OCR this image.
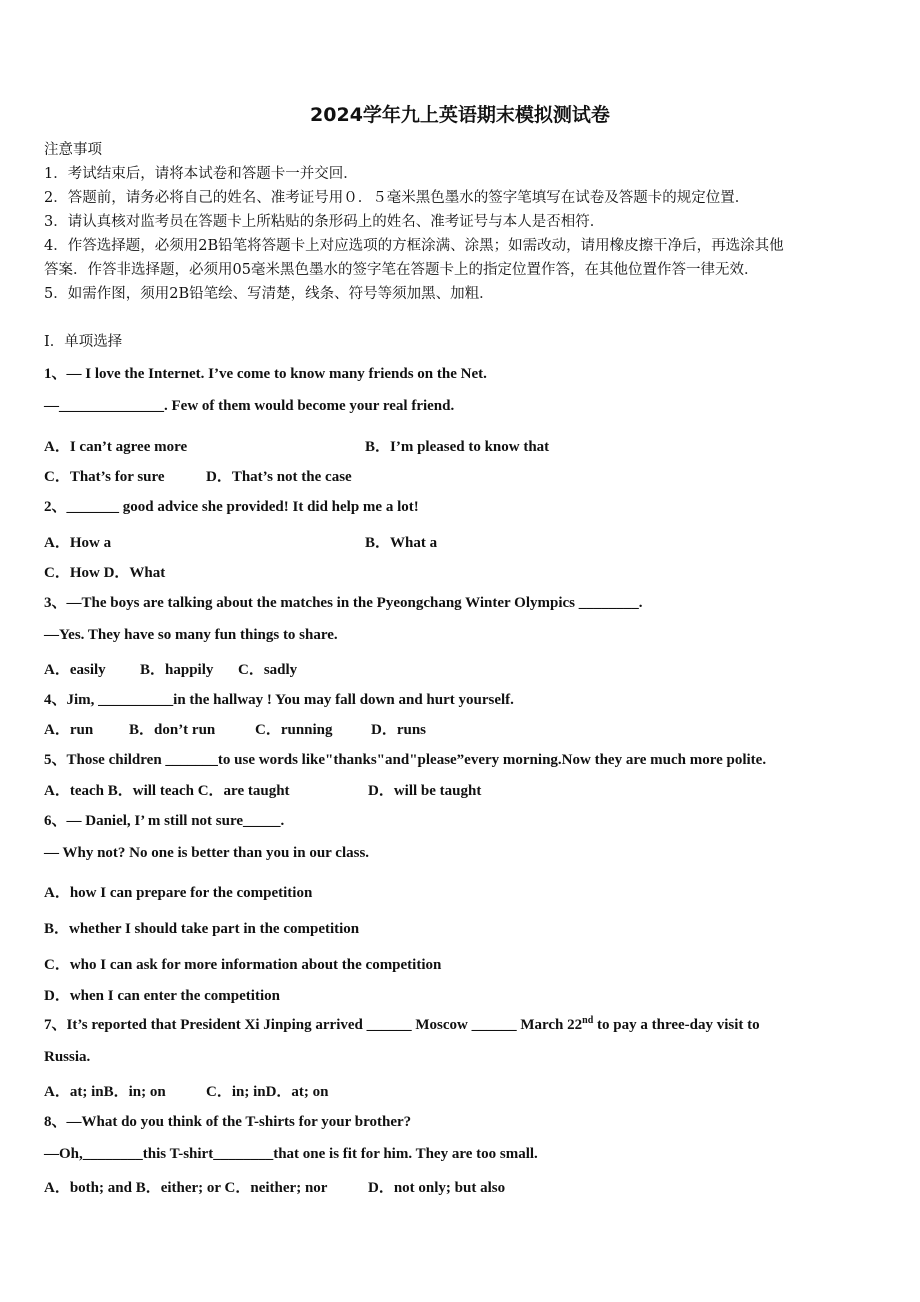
2024学年九上英语期末模拟测试卷
注意事项
1．考试结束后，请将本试卷和答题卡一并交回．
2．答题前，请务必将自己的姓名、准考证号用０．５毫米黑色墨水的签字笔填写在试卷及答题卡的规定位置．
3．请认真核对监考员在答题卡上所粘贴的条形码上的姓名、准考证号与本人是否相符．
4．作答选择题，必须用2B铅笔将答题卡上对应选项的方框涂满、涂黑；如需改动，请用橡皮擦干净后，再选涂其他
答案．作答非选择题，必须用05毫米黑色墨水的签字笔在答题卡上的指定位置作答，在其他位置作答一律无效．
5．如需作图，须用2B铅笔绘、写清楚，线条、符号等须加黑、加粗．
Ⅰ．单项选择
1、— I love the Internet. I’ve come to know many friends on the Net.
—______________. Few of them would become your real friend.
A．I can’t agree more	B．I’m pleased to know that
C．That’s for sure	D．That’s not the case
2、_______ good advice she provided! It did help me a lot!
A．How a	B．What a
C．How D．What
3、—The boys are talking about the matches in the Pyeongchang Winter Olympics ________.
—Yes. They have so many fun things to share.
A．easily B．happily C．sadly
4、Jim, __________in the hallway ! You may fall down and hurt yourself.
A．run B．don’t run	C．running	D．runs
5、Those children _______to use words like"thanks"and"please”every morning.Now they are much more polite.
A．teach B．will teach C．are taught	D．will be taught
6、— Daniel, I’ m still not sure_____.
— Why not? No one is better than you in our class.
A．how I can prepare for the competition
B．whether I should take part in the competition
C．who I can ask for more information about the competition
D．when I can enter the competition
7、It’s reported that President Xi Jinping arrived ______ Moscow ______ March 22nd to pay a three-day visit to
Russia.
A．at; inB．in; on	C．in; inD．at; on
8、—What do you think of the T-shirts for your brother?
—Oh,________this T-shirt________that one is fit for him. They are too small.
A．both; and B．either; or C．neither; nor	D．not only; but also
